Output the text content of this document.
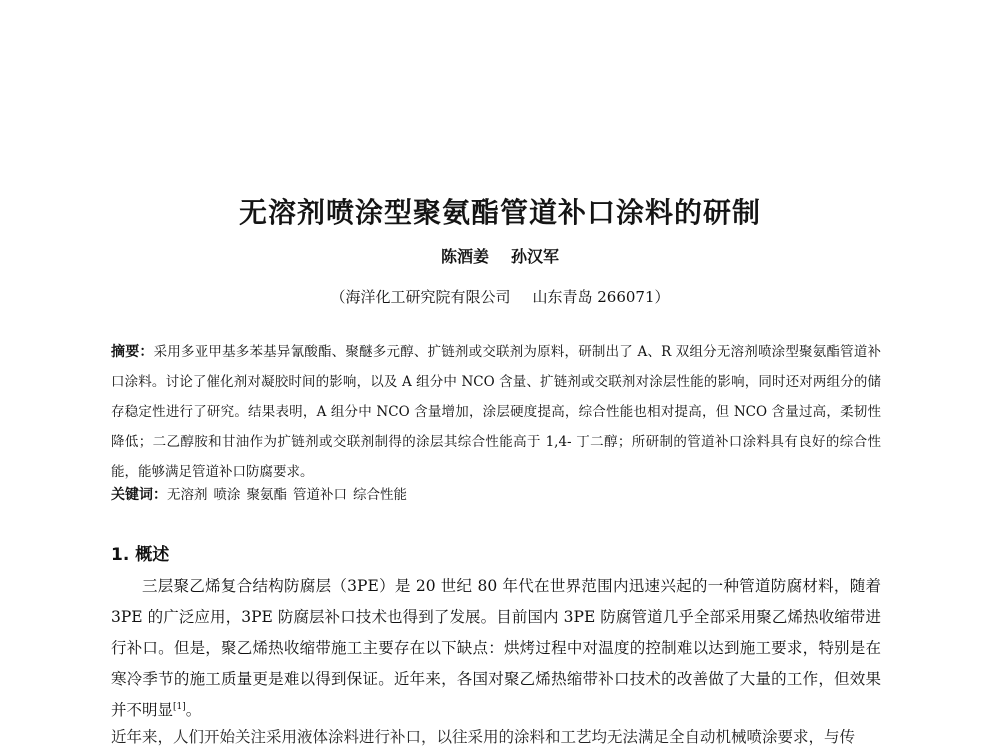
无溶剂喷涂型聚氨酯管道补口涂料的研制
陈酒姜 孙汉军
（海洋化工研究院有限公司 山东青岛 266071）

摘要：采用多亚甲基多苯基异氰酸酯、聚醚多元醇、扩链剂或交联剂为原料，研制出了 A、R 双组分无溶剂喷涂型聚氨酯管道补口涂料。讨论了催化剂对凝胶时间的影响，以及 A 组分中 NCO 含量、扩链剂或交联剂对涂层性能的影响，同时还对两组分的储存稳定性进行了研究。结果表明，A 组分中 NCO 含量增加，涂层硬度提高，综合性能也相对提高，但 NCO 含量过高，柔韧性降低；二乙醇胺和甘油作为扩链剂或交联剂制得的涂层其综合性能高于 1,4- 丁二醇；所研制的管道补口涂料具有良好的综合性能，能够满足管道补口防腐要求。

关键词：无溶剂 喷涂 聚氨酯 管道补口 综合性能

1. 概述

三层聚乙烯复合结构防腐层（3PE）是 20 世纪 80 年代在世界范围内迅速兴起的一种管道防腐材料，随着 3PE 的广泛应用，3PE 防腐层补口技术也得到了发展。目前国内 3PE 防腐管道几乎全部采用聚乙烯热收缩带进行补口。但是，聚乙烯热收缩带施工主要存在以下缺点：烘烤过程中对温度的控制难以达到施工要求，特别是在寒冷季节的施工质量更是难以得到保证。近年来，各国对聚乙烯热缩带补口技术的改善做了大量的工作，但效果并不明显[1]。

近年来，人们开始关注采用液体涂料进行补口，以往采用的涂料和工艺均无法满足全自动机械喷涂要求，与传
